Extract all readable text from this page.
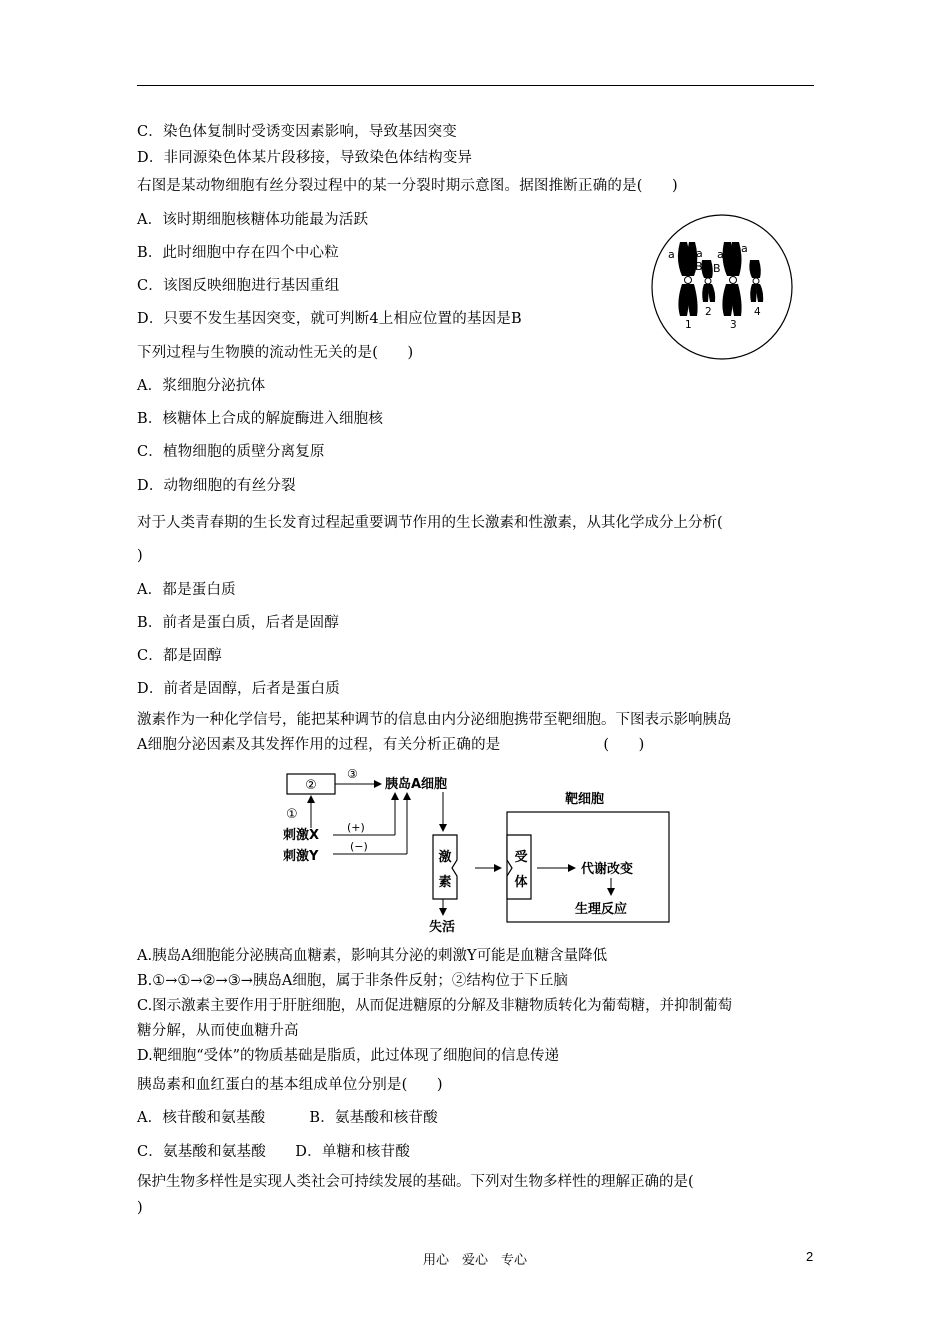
C．染色体复制时受诱变因素影响，导致基因突变
D．非同源染色体某片段移接，导致染色体结构变异
右图是某动物细胞有丝分裂过程中的某一分裂时期示意图。据图推断正确的是(　　)
A．该时期细胞核糖体功能最为活跃
B．此时细胞中存在四个中心粒
C．该图反映细胞进行基因重组
D．只要不发生基因突变，就可判断4上相应位置的基因是B
下列过程与生物膜的流动性无关的是(　　)
A．浆细胞分泌抗体
B．核糖体上合成的解旋酶进入细胞核
C．植物细胞的质壁分离复原
D．动物细胞的有丝分裂
对于人类青春期的生长发育过程起重要调节作用的生长激素和性激素，从其化学成分上分析(
)
A．都是蛋白质
B．前者是蛋白质，后者是固醇
C．都是固醇
D．前者是固醇，后者是蛋白质
激素作为一种化学信号，能把某种调节的信息由内分泌细胞携带至靶细胞。下图表示影响胰岛
A细胞分泌因素及其发挥作用的过程，有关分析正确的是　　　　　　　(　　)
A.胰岛A细胞能分泌胰高血糖素，影响其分泌的刺激Y可能是血糖含量降低
B.①→①→②→③→胰岛A细胞，属于非条件反射；②结构位于下丘脑
C.图示激素主要作用于肝脏细胞，从而促进糖原的分解及非糖物质转化为葡萄糖，并抑制葡萄
糖分解，从而使血糖升高
D.靶细胞“受体”的物质基础是脂质，此过体现了细胞间的信息传递
胰岛素和血红蛋白的基本组成单位分别是(　　)
A．核苷酸和氨基酸　　　B．氨基酸和核苷酸
C．氨基酸和氨基酸　　D．单糖和核苷酸
保护生物多样性是实现人类社会可持续发展的基础。下列对生物多样性的理解正确的是(
)
a a
B B
a a
1
2
3
4
②
③
胰岛A细胞
①
刺激X
(+)
刺激Y
(−)
激
素
失活
靶细胞
受
体
代谢改变
生理反应
用心　爱心　专心	2
